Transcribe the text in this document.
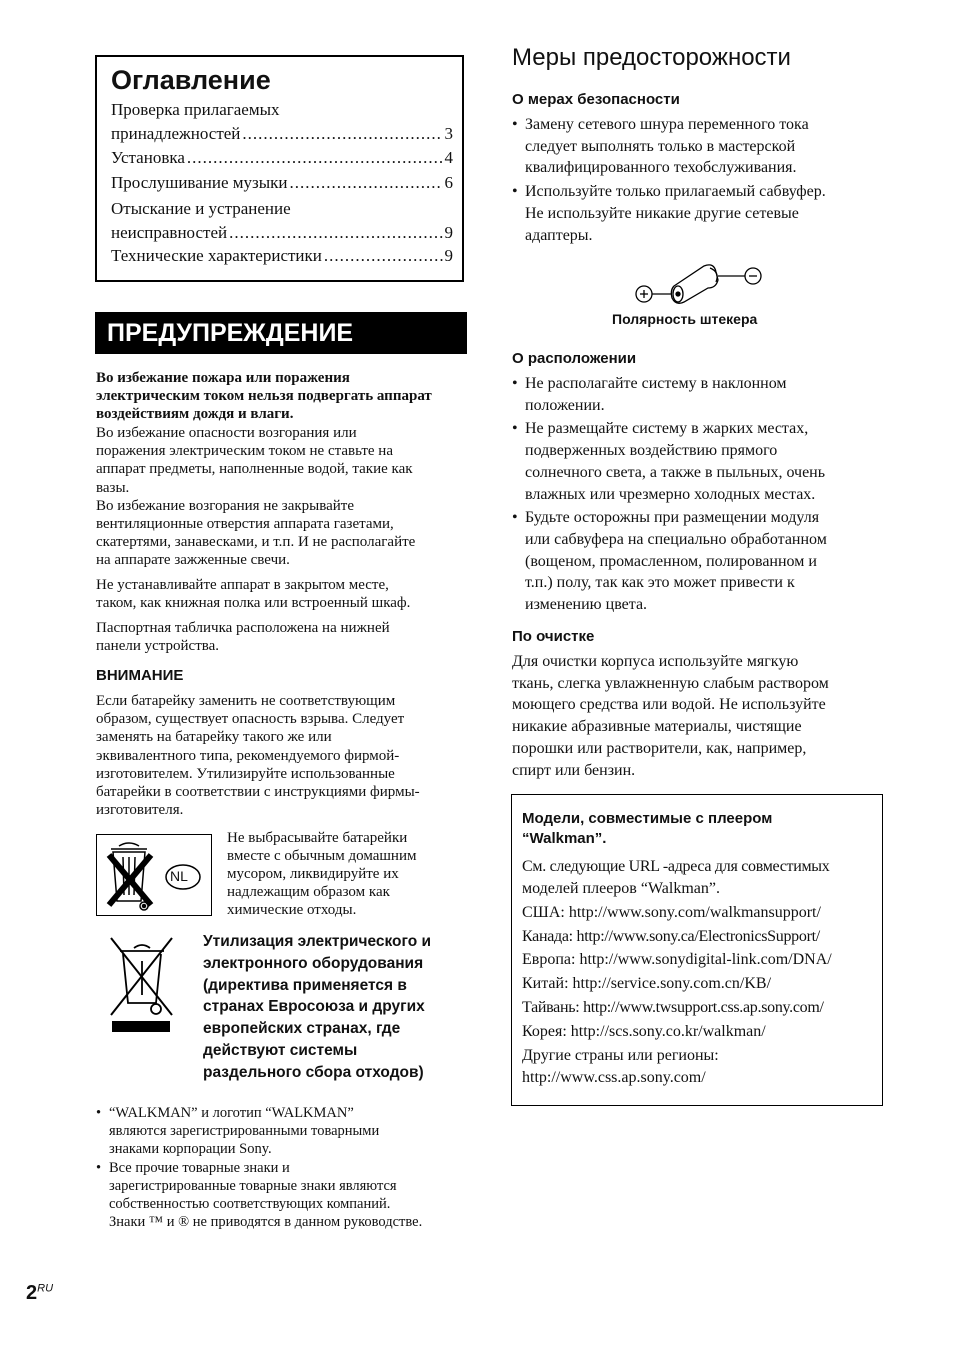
Оглавление
Проверка прилагаемых
принадлежностей .....	3
Установка .....	4
Прослушивание музыки .....	6
Отыскание и устранение
неисправностей .....	9
Технические характеристики .....	9
ПРЕДУПРЕЖДЕНИЕ
Во избежание пожара или поражения
электрическим током нельзя подвергать аппарат
воздействиям дождя и влаги.
Во избежание опасности возгорания или
поражения электрическим током не ставьте на
аппарат предметы, наполненные водой, такие как
вазы.
Во избежание возгорания не закрывайте
вентиляционные отверстия аппарата газетами,
скатертями, занавесками, и т.п. И не располагайте
на аппарате зажженные свечи.
Не устанавливайте аппарат в закрытом месте,
таком, как книжная полка или встроенный шкаф.
Паспортная табличка расположена на нижней
панели устройства.
ВНИМАНИЕ
Если батарейку заменить не соответствующим
образом, существует опасность взрыва. Следует
заменять на батарейку такого же или
эквивалентного типа, рекомендуемого фирмой-
изготовителем. Утилизируйте использованные
батарейки в соответствии с инструкциями фирмы-
изготовителя.
NL
Не выбрасывайте батарейки
вместе с обычным домашним
мусором, ликвидируйте их
надлежащим образом как
химические отходы.
Утилизация электрического и
электронного оборудования
(директива применяется в
странах Евросоюза и других
европейских странах, где
действуют системы
раздельного сбора отходов)
• “WALKMAN” и логотип “WALKMAN”
являются зарегистрированными товарными
знаками корпорации Sony.
• Все прочие товарные знаки и
зарегистрированные товарные знаки являются
собственностью соответствующих компаний.
Знаки ™ и ® не приводятся в данном руководстве.
Меры предосторожности
О мерах безопасности
• Замену сетевого шнура переменного тока
следует выполнять только в мастерской
квалифицированного техобслуживания.
• Используйте только прилагаемый сабвуфер.
Не используйте никакие другие сетевые
адаптеры.
Полярность штекера
О расположении
• Не располагайте систему в наклонном
положении.
• Не размещайте систему в жарких местах,
подверженных воздействию прямого
солнечного света, а также в пыльных, очень
влажных или чрезмерно холодных местах.
• Будьте осторожны при размещении модуля
или сабвуфера на специально обработанном
(вощеном, промасленном, полированном и
т.п.) полу, так как это может привести к
изменению цвета.
По очистке
Для очистки корпуса используйте мягкую
ткань, слегка увлажненную слабым раствором
моющего средства или водой. Не используйте
никакие абразивные материалы, чистящие
порошки или растворители, как, например,
спирт или бензин.
Модели, совместимые с плеером
“Walkman”.
См. следующие URL -адреса для совместимых
моделей плееров “Walkman”.
США: http://www.sony.com/walkmansupport/
Канада: http://www.sony.ca/ElectronicsSupport/
Европа: http://www.sonydigital-link.com/DNA/
Китай: http://service.sony.com.cn/KB/
Тайвань: http://www.twsupport.css.ap.sony.com/
Корея: http://scs.sony.co.kr/walkman/
Другие страны или регионы:
http://www.css.ap.sony.com/
$2^{RU}$
